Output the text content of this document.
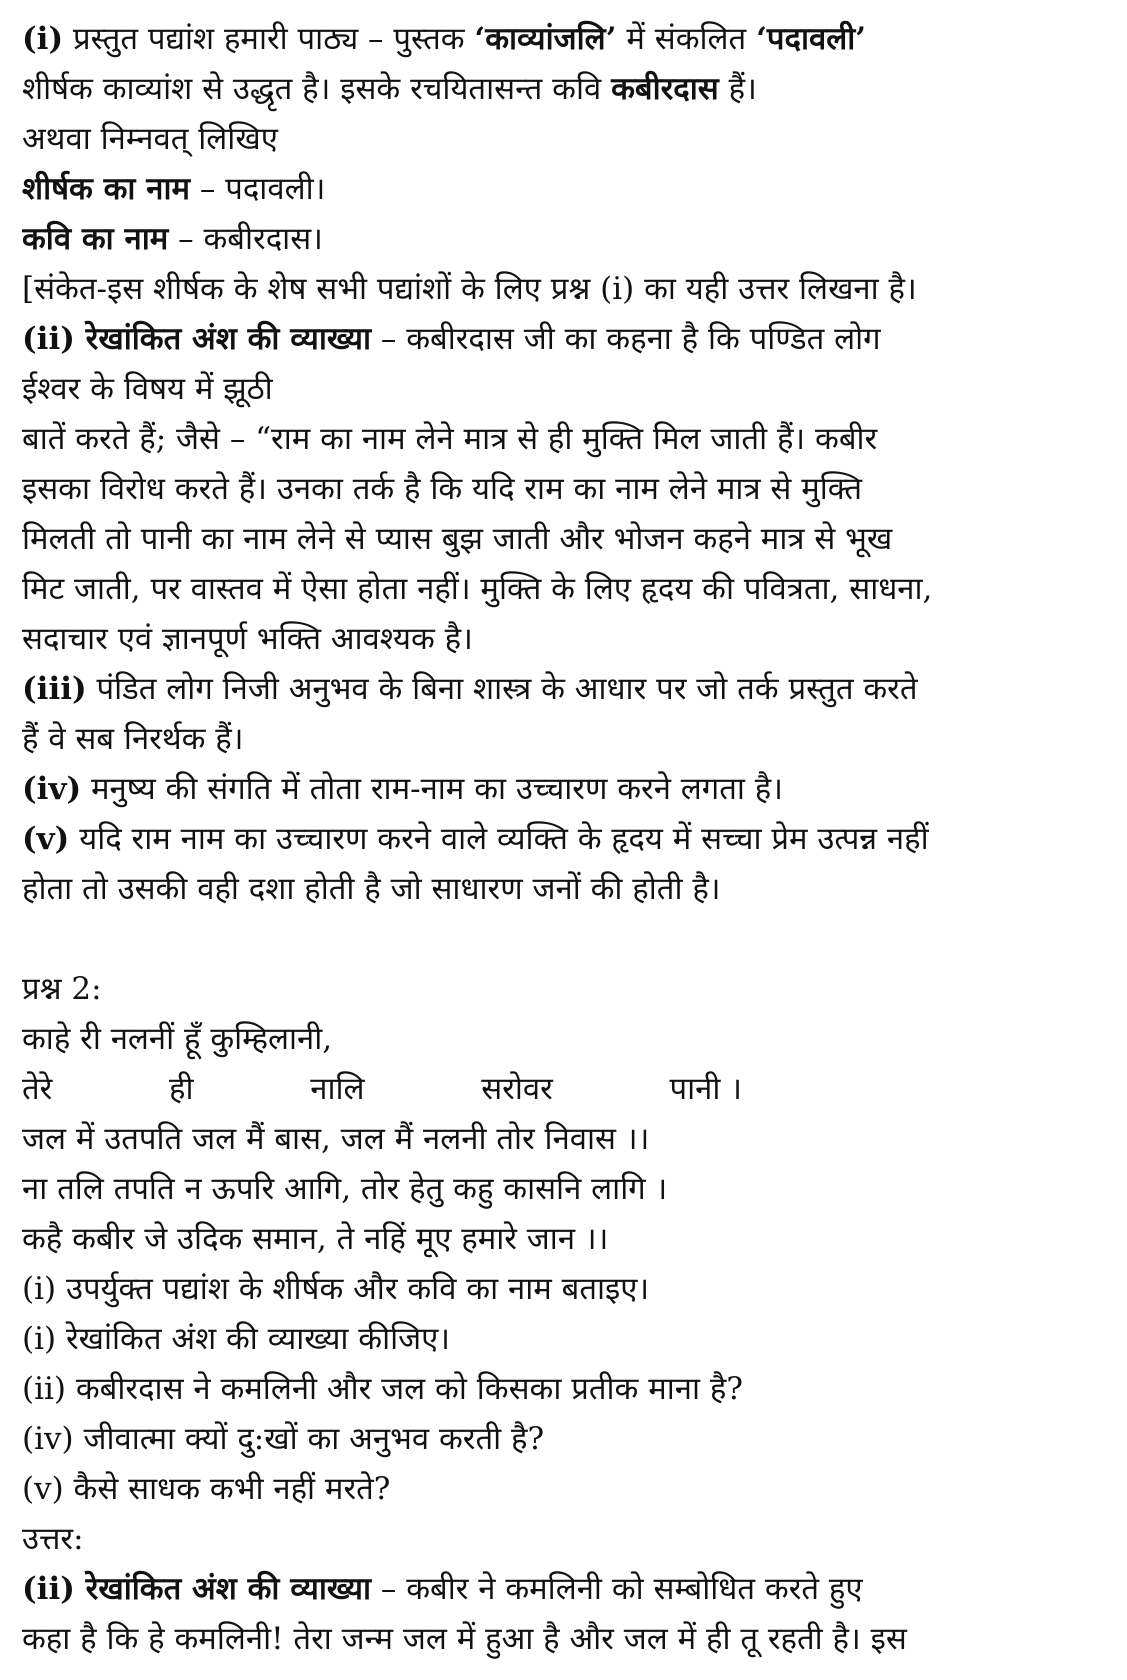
(i) प्रस्तुत पद्यांश हमारी पाठ्य – पुस्तक ‘काव्यांजलि’ में संकलित ‘पदावली’
शीर्षक काव्यांश से उद्धृत है। इसके रचयितासन्त कवि कबीरदास हैं।
अथवा निम्नवत् लिखिए
शीर्षक का नाम – पदावली।
कवि का नाम – कबीरदास।
[संकेत-इस शीर्षक के शेष सभी पद्यांशों के लिए प्रश्न (i) का यही उत्तर लिखना है।
(ii) रेखांकित अंश की व्याख्या – कबीरदास जी का कहना है कि पण्डित लोग
ईश्वर के विषय में झूठी
बातें करते हैं; जैसे – “राम का नाम लेने मात्र से ही मुक्ति मिल जाती हैं। कबीर
इसका विरोध करते हैं। उनका तर्क है कि यदि राम का नाम लेने मात्र से मुक्ति
मिलती तो पानी का नाम लेने से प्यास बुझ जाती और भोजन कहने मात्र से भूख
मिट जाती, पर वास्तव में ऐसा होता नहीं। मुक्ति के लिए हृदय की पवित्रता, साधना,
सदाचार एवं ज्ञानपूर्ण भक्ति आवश्यक है।
(iii) पंडित लोग निजी अनुभव के बिना शास्त्र के आधार पर जो तर्क प्रस्तुत करते
हैं वे सब निरर्थक हैं।
(iv) मनुष्य की संगति में तोता राम-नाम का उच्चारण करने लगता है।
(v) यदि राम नाम का उच्चारण करने वाले व्यक्ति के हृदय में सच्चा प्रेम उत्पन्न नहीं
होता तो उसकी वही दशा होती है जो साधारण जनों की होती है।
प्रश्न 2:
काहे री नलनीं हूँ कुम्हिलानी,
तेरे	ही	नालि	सरोवर	पानी ।
जल में उतपति जल मैं बास, जल मैं नलनी तोर निवास ।।
ना तलि तपति न ऊपरि आगि, तोर हेतु कहु कासनि लागि ।
कहै कबीर जे उदिक समान, ते नहिं मूए हमारे जान ।।
(i) उपर्युक्त पद्यांश के शीर्षक और कवि का नाम बताइए।
(i) रेखांकित अंश की व्याख्या कीजिए।
(ii) कबीरदास ने कमलिनी और जल को किसका प्रतीक माना है?
(iv) जीवात्मा क्यों दु:खों का अनुभव करती है?
(v) कैसे साधक कभी नहीं मरते?
उत्तर:
(ii) रेखांकित अंश की व्याख्या – कबीर ने कमलिनी को सम्बोधित करते हुए
कहा है कि हे कमलिनी! तेरा जन्म जल में हुआ है और जल में ही तू रहती है। इस
